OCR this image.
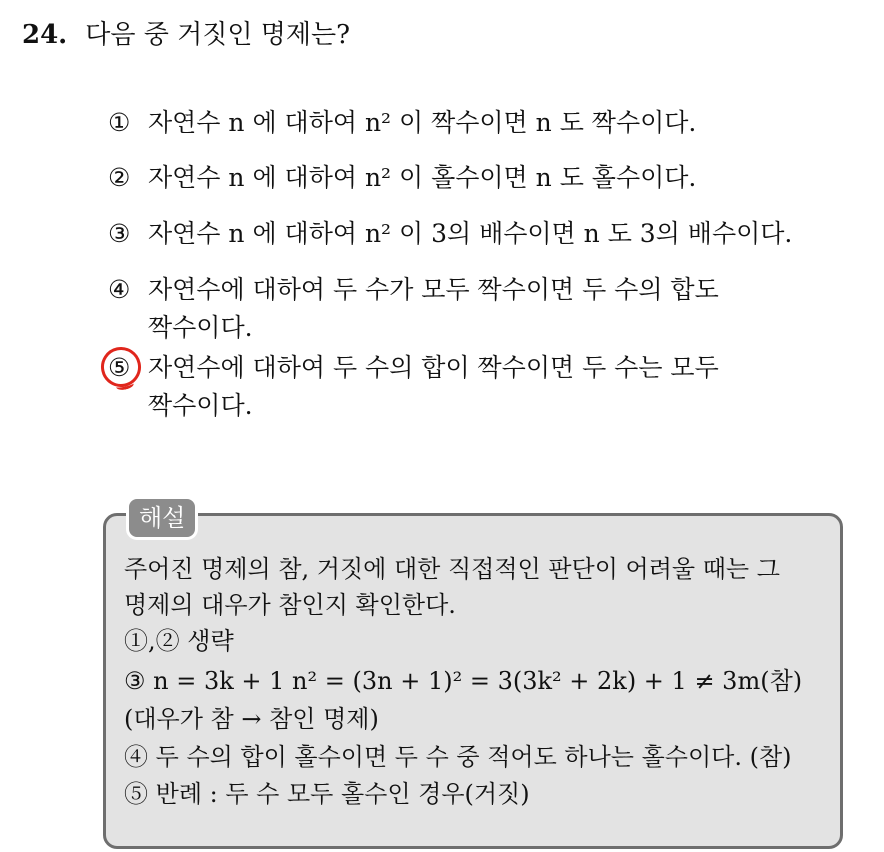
24. 다음 중 거짓인 명제는?
① 자연수 n 에 대하여 n² 이 짝수이면 n 도 짝수이다.
② 자연수 n 에 대하여 n² 이 홀수이면 n 도 홀수이다.
③ 자연수 n 에 대하여 n² 이 3의 배수이면 n 도 3의 배수이다.
④ 자연수에 대하여 두 수가 모두 짝수이면 두 수의 합도
짝수이다.
⑤ 자연수에 대하여 두 수의 합이 짝수이면 두 수는 모두
짝수이다.
해설
주어진 명제의 참, 거짓에 대한 직접적인 판단이 어려울 때는 그
명제의 대우가 참인지 확인한다.
①,② 생략
③ n = 3k + 1 n² = (3n + 1)² = 3(3k² + 2k) + 1 ≠ 3m(참)
(대우가 참 → 참인 명제)
④ 두 수의 합이 홀수이면 두 수 중 적어도 하나는 홀수이다. (참)
⑤ 반례 : 두 수 모두 홀수인 경우(거짓)
